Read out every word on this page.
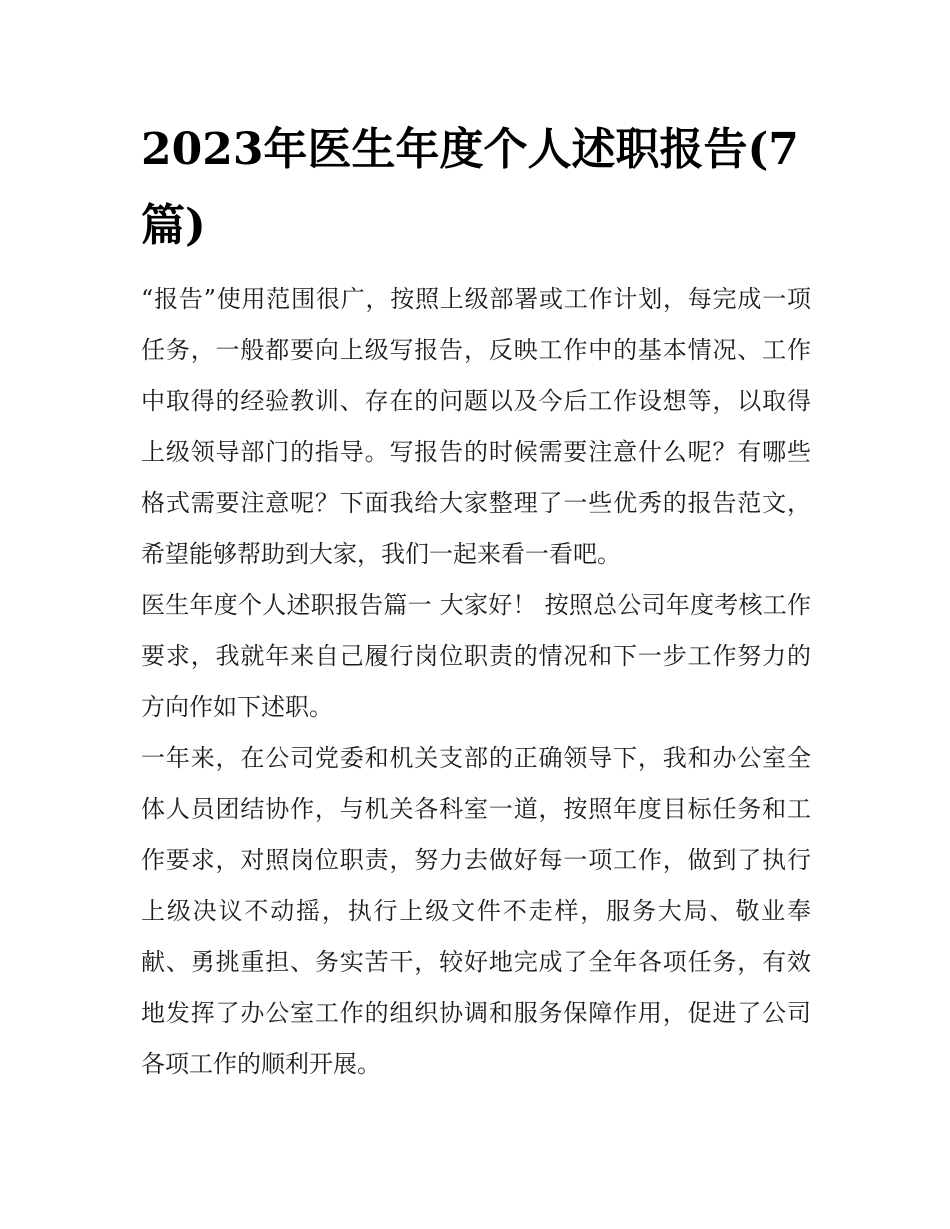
2023年医生年度个人述职报告(7篇)

“报告”使用范围很广，按照上级部署或工作计划，每完成一项任务，一般都要向上级写报告，反映工作中的基本情况、工作中取得的经验教训、存在的问题以及今后工作设想等，以取得上级领导部门的指导。写报告的时候需要注意什么呢？有哪些格式需要注意呢？下面我给大家整理了一些优秀的报告范文，希望能够帮助到大家，我们一起来看一看吧。

医生年度个人述职报告篇一 大家好！ 按照总公司年度考核工作要求，我就年来自己履行岗位职责的情况和下一步工作努力的方向作如下述职。

一年来，在公司党委和机关支部的正确领导下，我和办公室全体人员团结协作，与机关各科室一道，按照年度目标任务和工作要求，对照岗位职责，努力去做好每一项工作，做到了执行上级决议不动摇，执行上级文件不走样，服务大局、敬业奉献、勇挑重担、务实苦干，较好地完成了全年各项任务，有效地发挥了办公室工作的组织协调和服务保障作用，促进了公司各项工作的顺利开展。
